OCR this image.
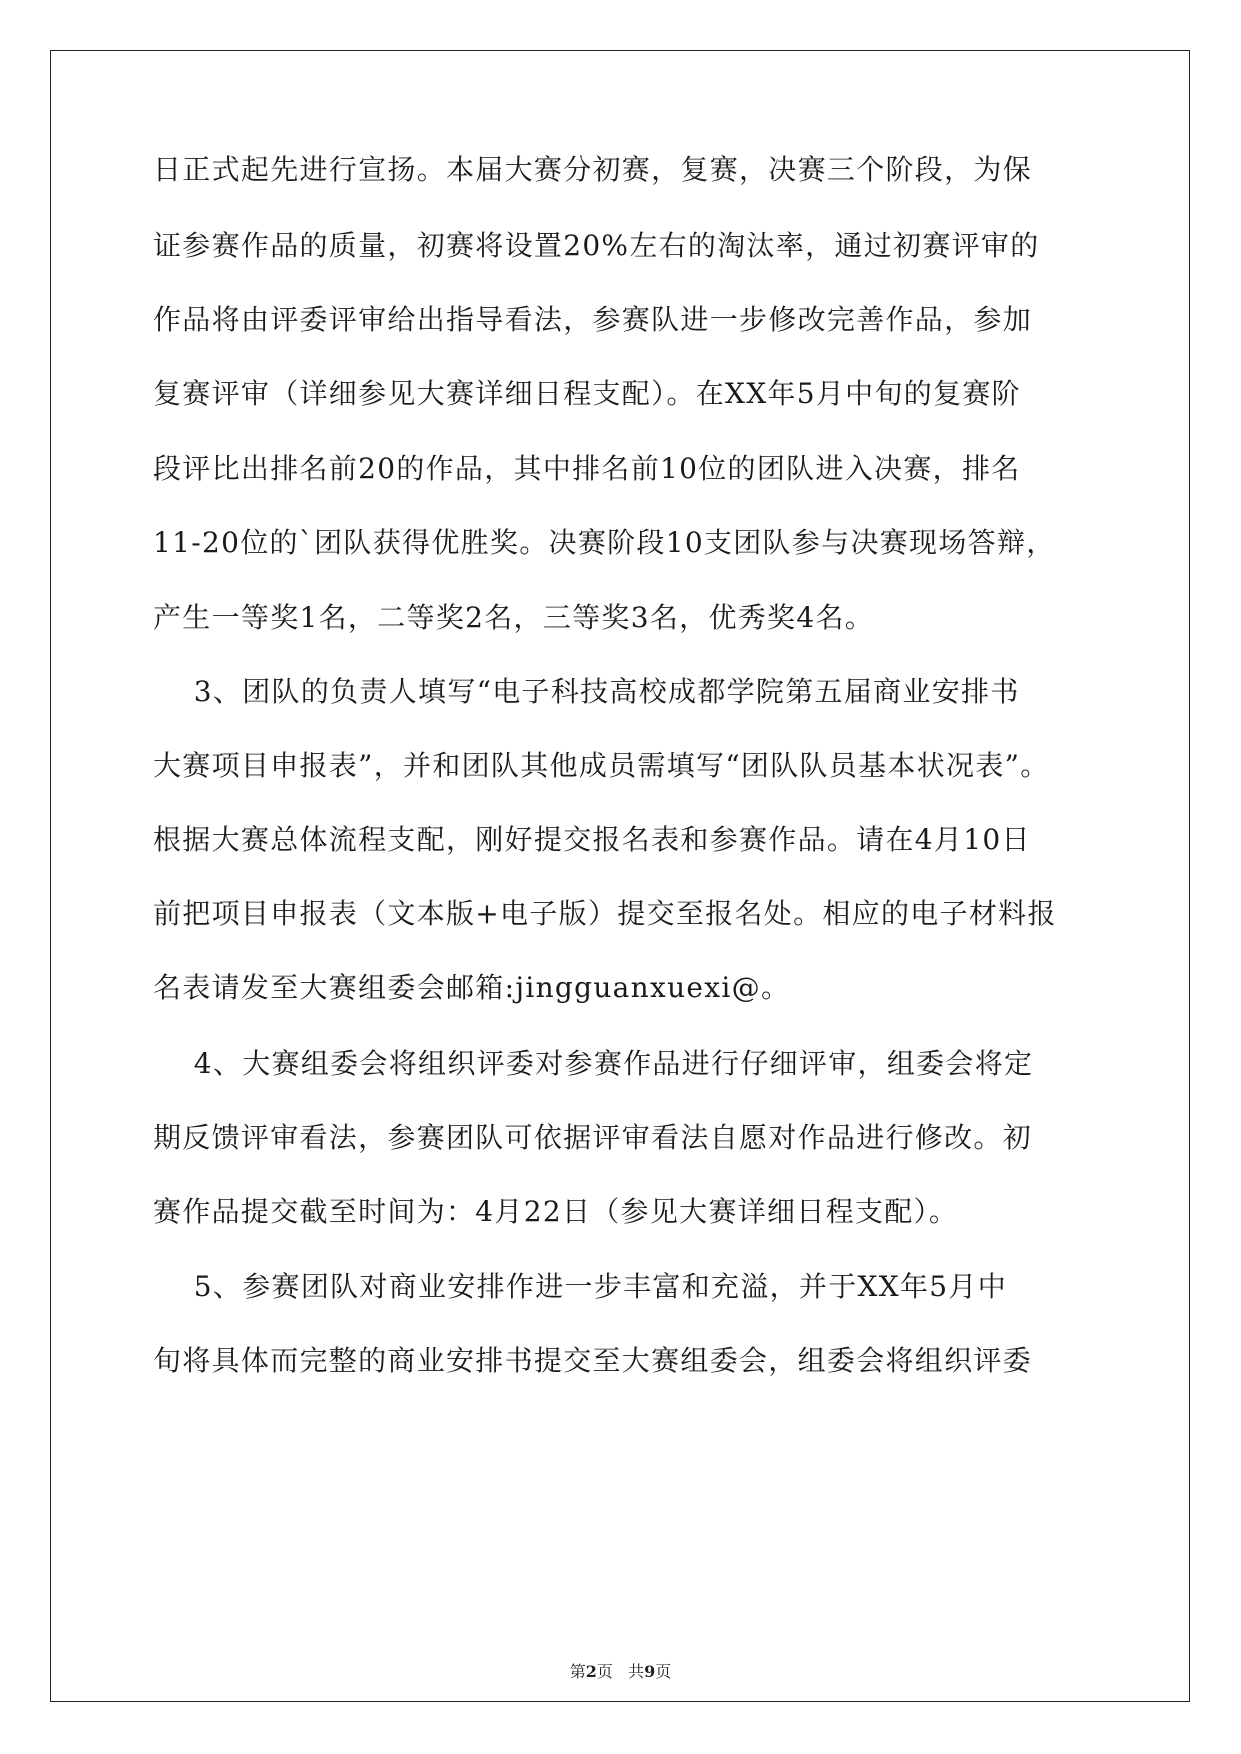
日正式起先进行宣扬。本届大赛分初赛，复赛，决赛三个阶段，为保
证参赛作品的质量，初赛将设置20%左右的淘汰率，通过初赛评审的
作品将由评委评审给出指导看法，参赛队进一步修改完善作品，参加
复赛评审（详细参见大赛详细日程支配）。在XX年5月中旬的复赛阶
段评比出排名前20的作品，其中排名前10位的团队进入决赛，排名
11-20位的`团队获得优胜奖。决赛阶段10支团队参与决赛现场答辩，
产生一等奖1名，二等奖2名，三等奖3名，优秀奖4名。
3、团队的负责人填写“电子科技高校成都学院第五届商业安排书
大赛项目申报表”，并和团队其他成员需填写“团队队员基本状况表”。
根据大赛总体流程支配，刚好提交报名表和参赛作品。请在4月10日
前把项目申报表（文本版+电子版）提交至报名处。相应的电子材料报
名表请发至大赛组委会邮箱:jingguanxuexi@。
4、大赛组委会将组织评委对参赛作品进行仔细评审，组委会将定
期反馈评审看法，参赛团队可依据评审看法自愿对作品进行修改。初
赛作品提交截至时间为：4月22日（参见大赛详细日程支配）。
5、参赛团队对商业安排作进一步丰富和充溢，并于XX年5月中
旬将具体而完整的商业安排书提交至大赛组委会，组委会将组织评委
第2页   共9页
